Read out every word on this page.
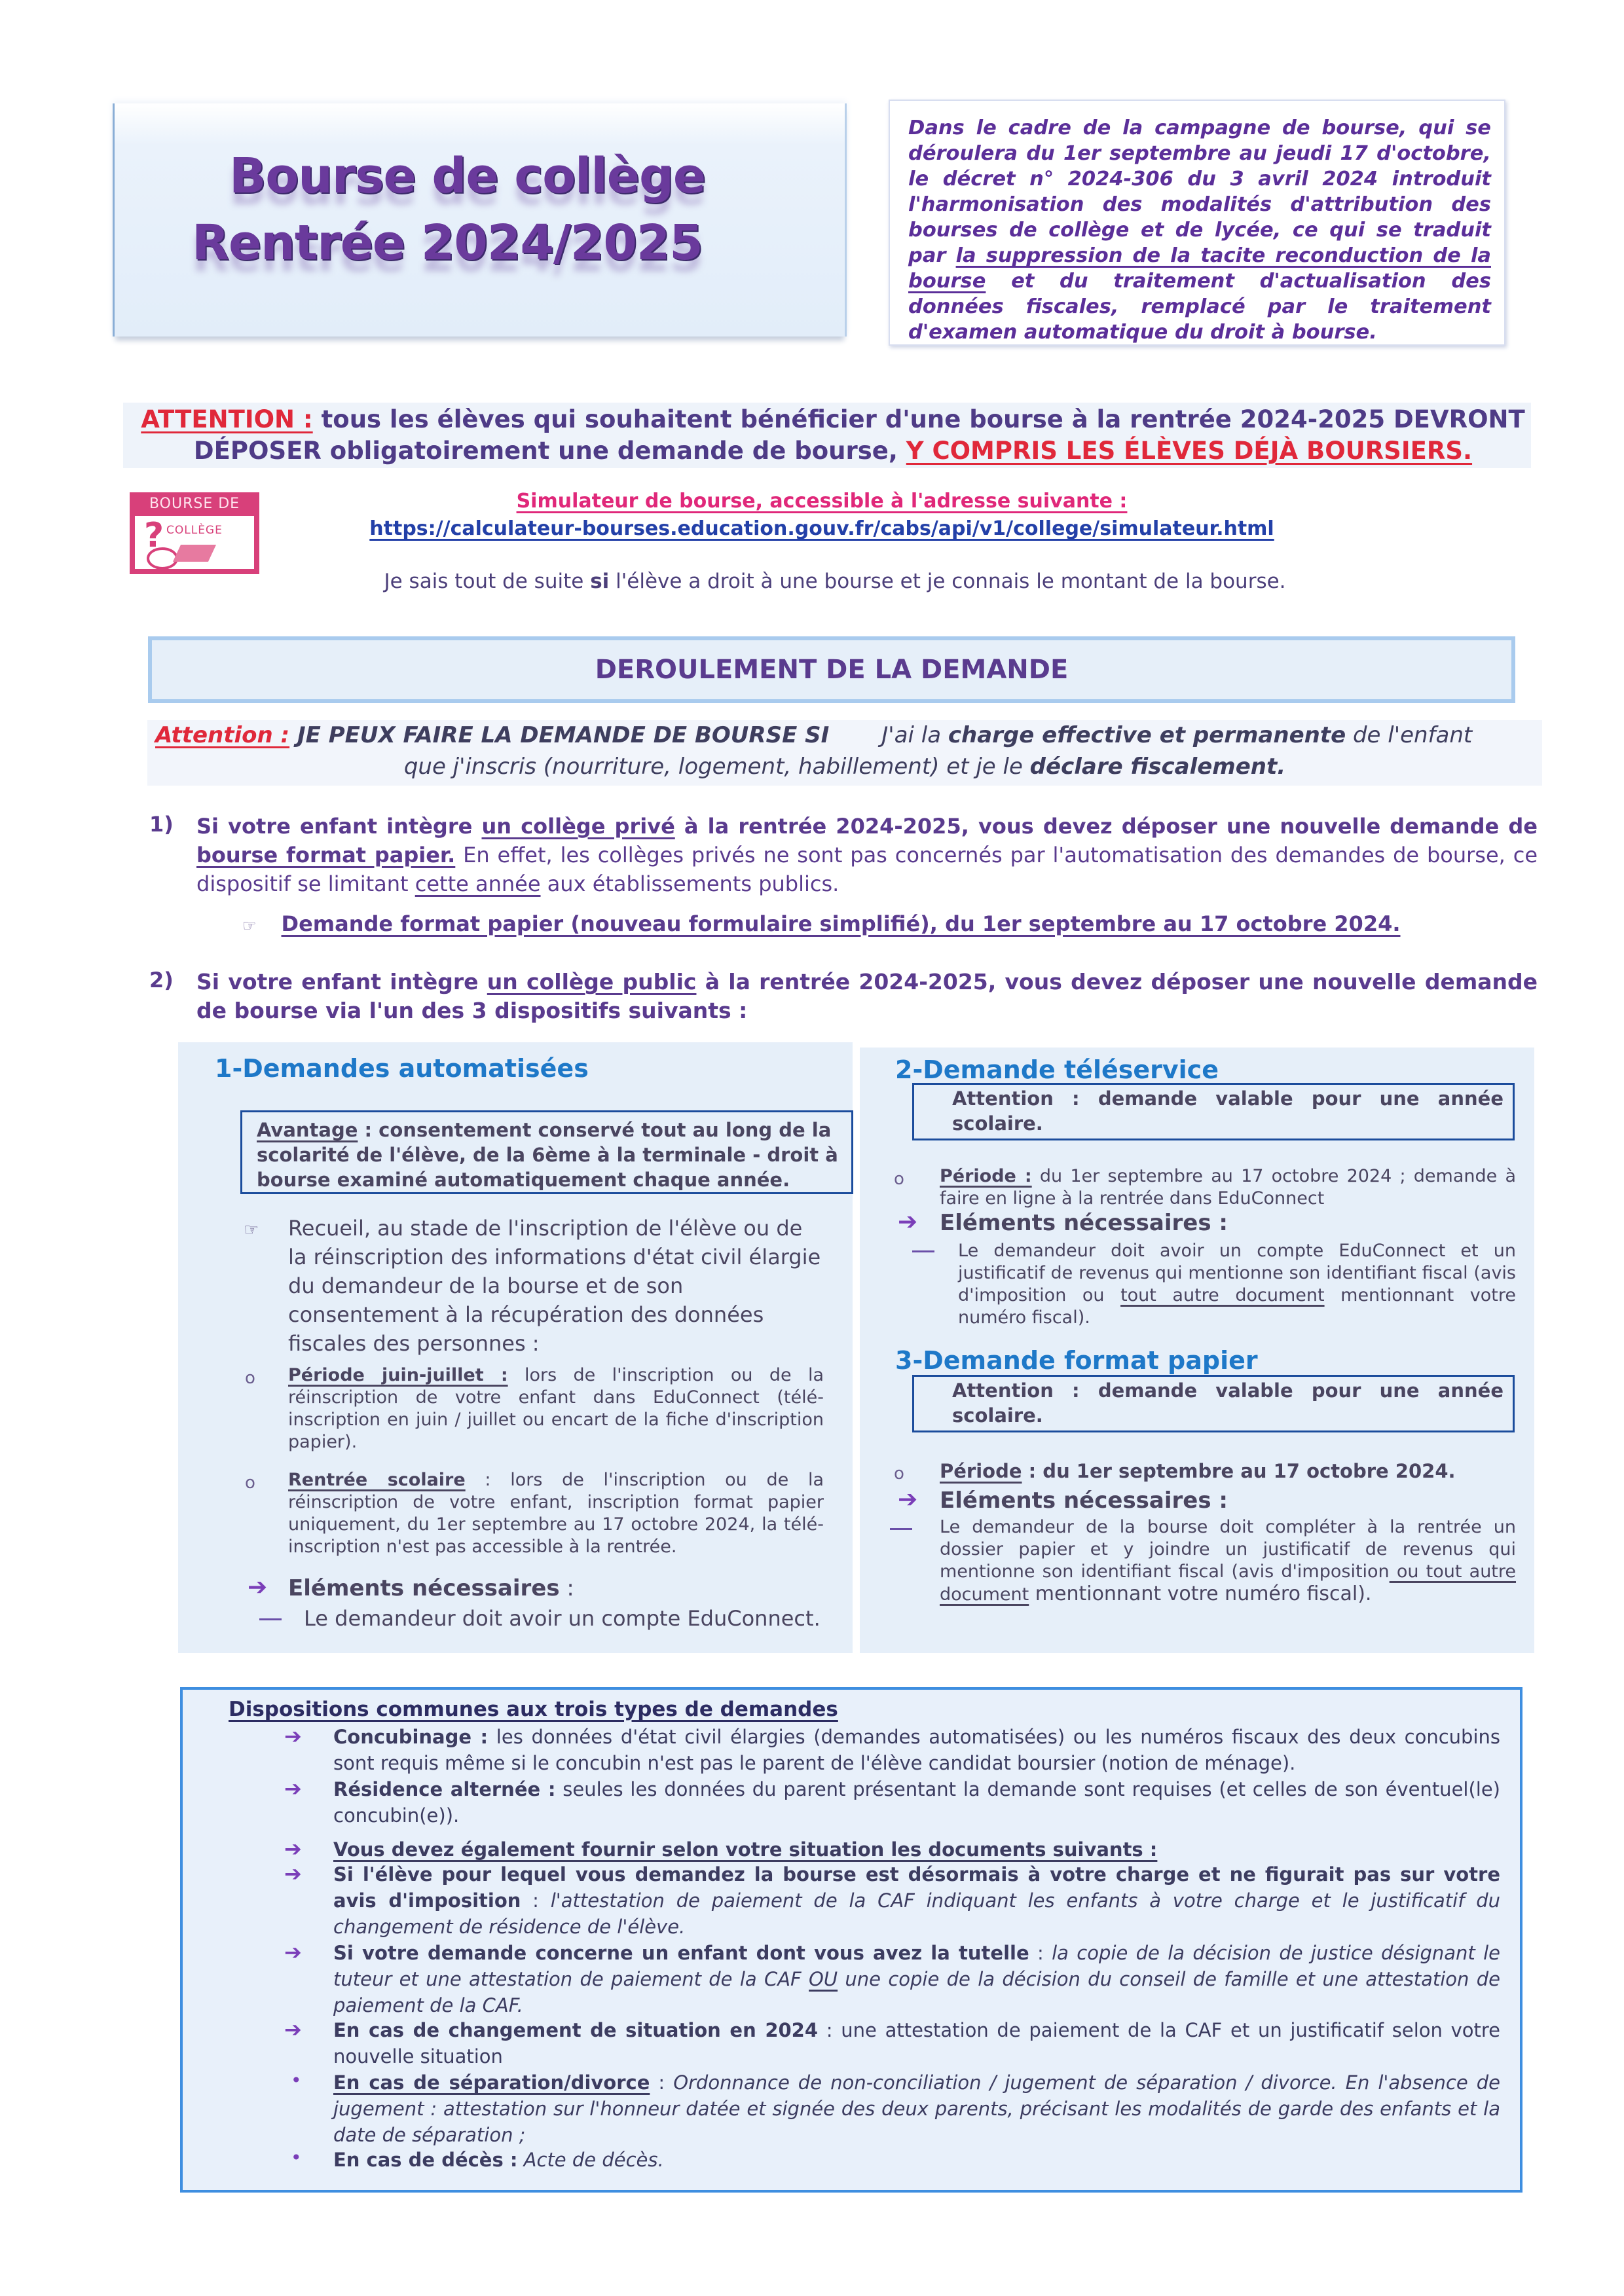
Bourse de collège
Rentrée 2024/2025
Dans le cadre de la campagne de bourse, qui se déroulera du 1er septembre au jeudi 17 d'octobre, le décret n° 2024-306 du 3 avril 2024 introduit l'harmonisation des modalités d'attribution des bourses de collège et de lycée, ce qui se traduit par la suppression de la tacite reconduction de la bourse et du traitement d'actualisation des données fiscales, remplacé par le traitement d'examen automatique du droit à bourse.
ATTENTION : tous les élèves qui souhaitent bénéficier d'une bourse à la rentrée 2024-2025 DEVRONT DÉPOSER obligatoirement une demande de bourse, Y COMPRIS LES ÉLÈVES DÉJÀ BOURSIERS.
BOURSE DE
? COLLÈGE
Simulateur de bourse, accessible à l'adresse suivante :
https://calculateur-bourses.education.gouv.fr/cabs/api/v1/college/simulateur.html
Je sais tout de suite si l'élève a droit à une bourse et je connais le montant de la bourse.
DEROULEMENT DE LA DEMANDE
Attention : JE PEUX FAIRE LA DEMANDE DE BOURSE SI J'ai la charge effective et permanente de l'enfant
que j'inscris (nourriture, logement, habillement) et je le déclare fiscalement.
1) Si votre enfant intègre un collège privé à la rentrée 2024-2025, vous devez déposer une nouvelle demande de bourse format papier. En effet, les collèges privés ne sont pas concernés par l'automatisation des demandes de bourse, ce dispositif se limitant cette année aux établissements publics.
☞ Demande format papier (nouveau formulaire simplifié), du 1er septembre au 17 octobre 2024.
2) Si votre enfant intègre un collège public à la rentrée 2024-2025, vous devez déposer une nouvelle demande de bourse via l'un des 3 dispositifs suivants :
1-Demandes automatisées
Avantage : consentement conservé tout au long de la scolarité de l'élève, de la 6ème à la terminale - droit à bourse examiné automatiquement chaque année.
☞ Recueil, au stade de l'inscription de l'élève ou de la réinscription des informations d'état civil élargie du demandeur de la bourse et de son consentement à la récupération des données fiscales des personnes :
o Période juin-juillet : lors de l'inscription ou de la réinscription de votre enfant dans EduConnect (télé-inscription en juin / juillet ou encart de la fiche d'inscription papier).
o Rentrée scolaire : lors de l'inscription ou de la réinscription de votre enfant, inscription format papier uniquement, du 1er septembre au 17 octobre 2024, la télé-inscription n'est pas accessible à la rentrée.
➔ Eléments nécessaires :
Le demandeur doit avoir un compte EduConnect.
2-Demande téléservice
Attention : demande valable pour une année scolaire.
o Période : du 1er septembre au 17 octobre 2024 ; demande à faire en ligne à la rentrée dans EduConnect
➔ Eléments nécessaires :
Le demandeur doit avoir un compte EduConnect et un justificatif de revenus qui mentionne son identifiant fiscal (avis d'imposition ou tout autre document mentionnant votre numéro fiscal).
3-Demande format papier
Attention : demande valable pour une année scolaire.
o Période : du 1er septembre au 17 octobre 2024.
➔ Eléments nécessaires :
Le demandeur de la bourse doit compléter à la rentrée un dossier papier et y joindre un justificatif de revenus qui mentionne son identifiant fiscal (avis d'imposition ou tout autre document mentionnant votre numéro fiscal).
Dispositions communes aux trois types de demandes
➔ Concubinage : les données d'état civil élargies (demandes automatisées) ou les numéros fiscaux des deux concubins sont requis même si le concubin n'est pas le parent de l'élève candidat boursier (notion de ménage).
➔ Résidence alternée : seules les données du parent présentant la demande sont requises (et celles de son éventuel(le) concubin(e)).
➔ Vous devez également fournir selon votre situation les documents suivants :
➔ Si l'élève pour lequel vous demandez la bourse est désormais à votre charge et ne figurait pas sur votre avis d'imposition : l'attestation de paiement de la CAF indiquant les enfants à votre charge et le justificatif du changement de résidence de l'élève.
➔ Si votre demande concerne un enfant dont vous avez la tutelle : la copie de la décision de justice désignant le tuteur et une attestation de paiement de la CAF OU une copie de la décision du conseil de famille et une attestation de paiement de la CAF.
➔ En cas de changement de situation en 2024 : une attestation de paiement de la CAF et un justificatif selon votre nouvelle situation
• En cas de séparation/divorce : Ordonnance de non-conciliation / jugement de séparation / divorce. En l'absence de jugement : attestation sur l'honneur datée et signée des deux parents, précisant les modalités de garde des enfants et la date de séparation ;
• En cas de décès : Acte de décès.
